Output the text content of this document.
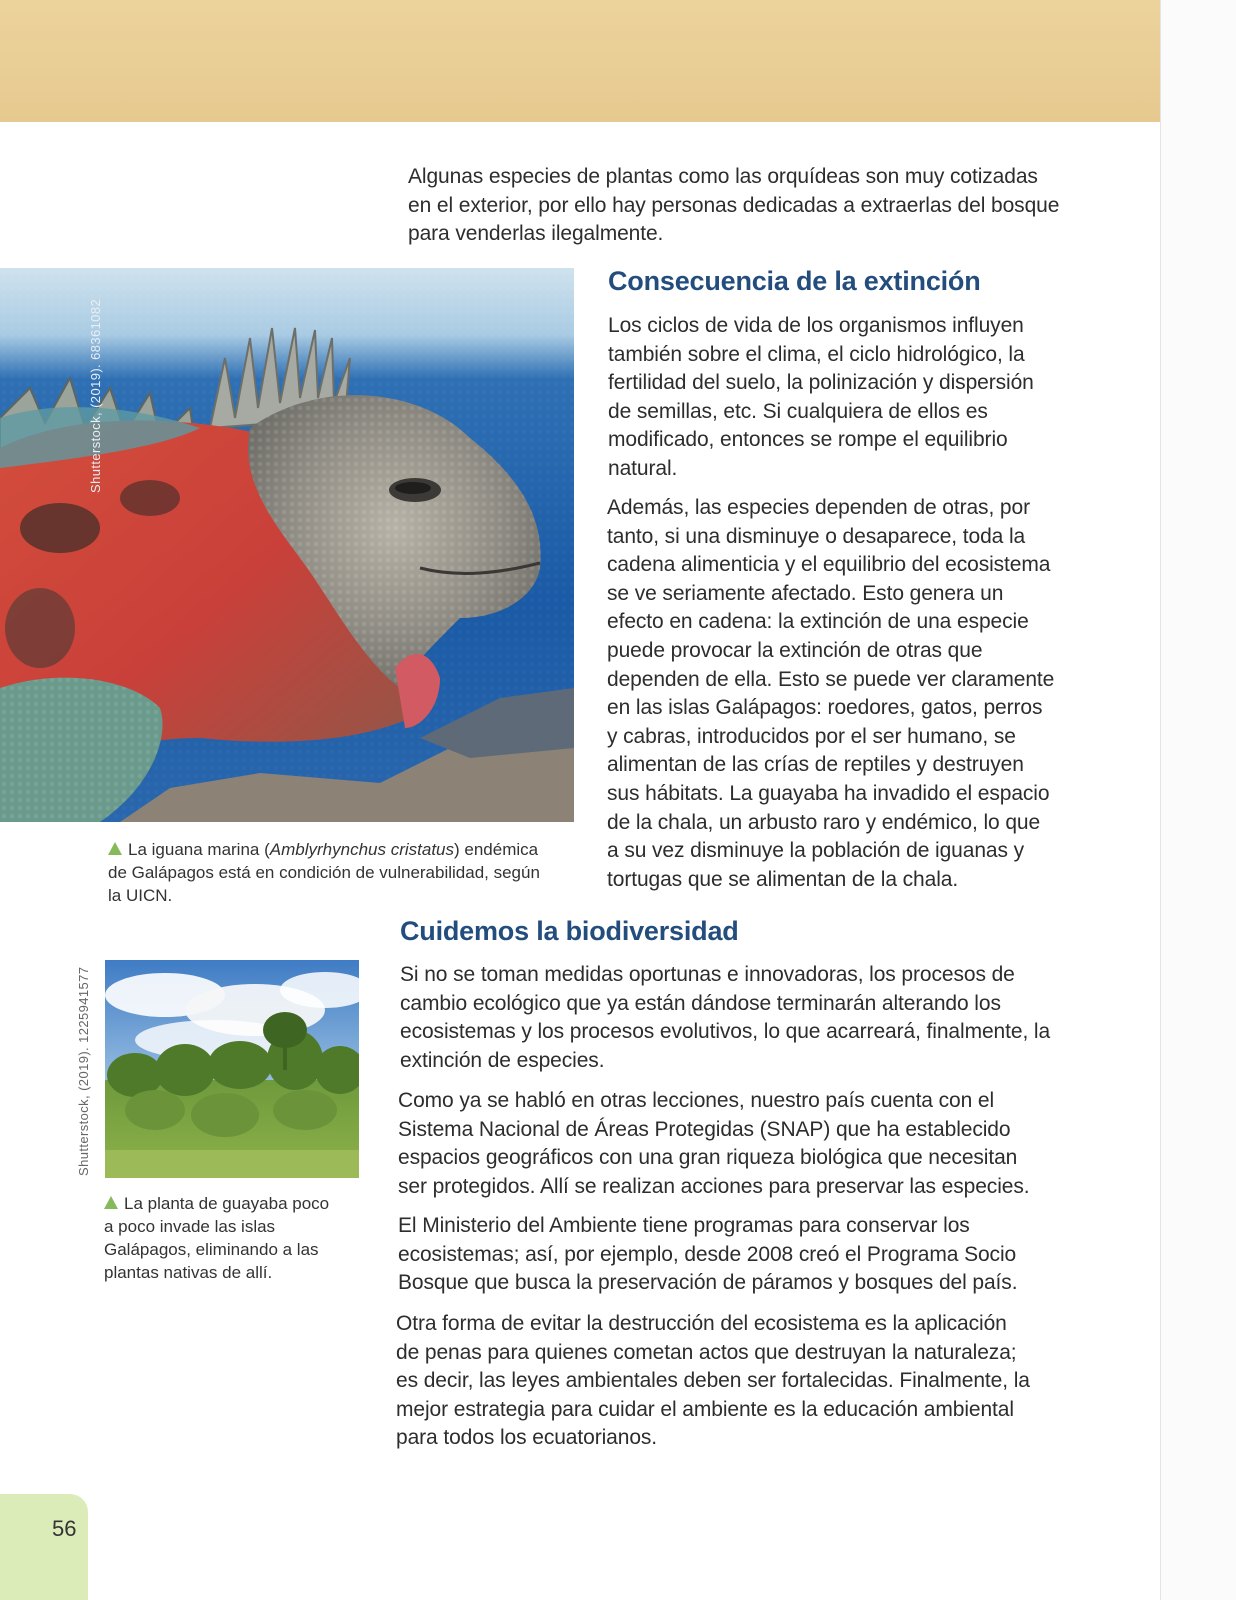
Algunas especies de plantas como las orquídeas son muy cotizadas
en el exterior, por ello hay personas dedicadas a extraerlas del bosque
para venderlas ilegalmente.
Shutterstock, (2019). 68361082
La iguana marina (Amblyrhynchus cristatus) endémica
de Galápagos está en condición de vulnerabilidad, según
la UICN.
Consecuencia de la extinción
Los ciclos de vida de los organismos influyen
también sobre el clima, el ciclo hidrológico, la
fertilidad del suelo, la polinización y dispersión
de semillas, etc. Si cualquiera de ellos es
modificado, entonces se rompe el equilibrio
natural.
Además, las especies dependen de otras, por
tanto, si una disminuye o desaparece, toda la
cadena alimenticia y el equilibrio del ecosistema
se ve seriamente afectado. Esto genera un
efecto en cadena: la extinción de una especie
puede provocar la extinción de otras que
dependen de ella. Esto se puede ver claramente
en las islas Galápagos: roedores, gatos, perros
y cabras, introducidos por el ser humano, se
alimentan de las crías de reptiles y destruyen
sus hábitats. La guayaba ha invadido el espacio
de la chala, un arbusto raro y endémico, lo que
a su vez disminuye la población de iguanas y
tortugas que se alimentan de la chala.
Cuidemos la biodiversidad
Si no se toman medidas oportunas e innovadoras, los procesos de
cambio ecológico que ya están dándose terminarán alterando los
ecosistemas y los procesos evolutivos, lo que acarreará, finalmente, la
extinción de especies.
Como ya se habló en otras lecciones, nuestro país cuenta con el
Sistema Nacional de Áreas Protegidas (SNAP) que ha establecido
espacios geográficos con una gran riqueza biológica que necesitan
ser protegidos. Allí se realizan acciones para preservar las especies.
El Ministerio del Ambiente tiene programas para conservar los
ecosistemas; así, por ejemplo, desde 2008 creó el Programa Socio
Bosque que busca la preservación de páramos y bosques del país.
Otra forma de evitar la destrucción del ecosistema es la aplicación
de penas para quienes cometan actos que destruyan la naturaleza;
es decir, las leyes ambientales deben ser fortalecidas. Finalmente, la
mejor estrategia para cuidar el ambiente es la educación ambiental
para todos los ecuatorianos.
Shutterstock, (2019). 1225941577
La planta de guayaba poco
a poco invade las islas
Galápagos, eliminando a las
plantas nativas de allí.
56
